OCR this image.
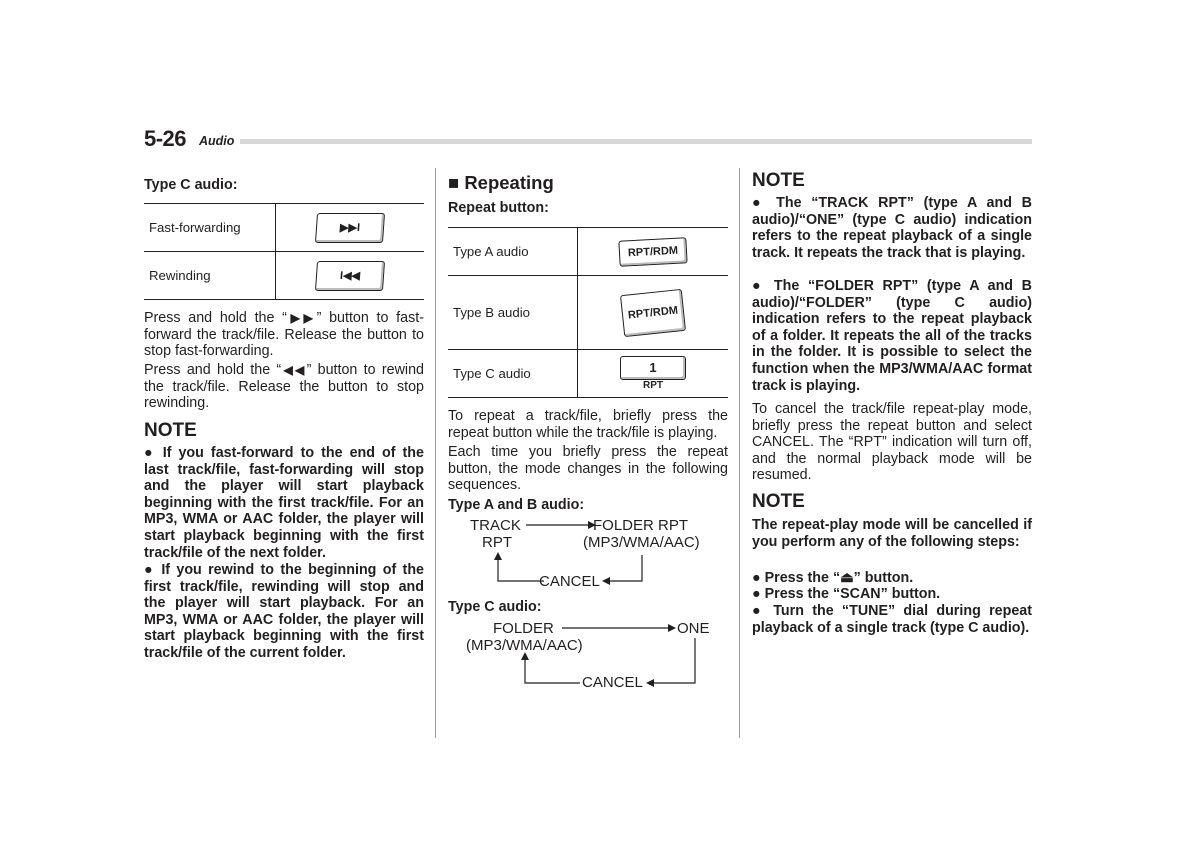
5-26 Audio
Type C audio:
Fast-forwarding	▶▶I
Rewinding	I◀◀
Press and hold the “▶▶” button to fast-forward the track/file. Release the button to stop fast-forwarding.
Press and hold the “◀◀” button to rewind the track/file. Release the button to stop rewinding.
NOTE
● If you fast-forward to the end of the last track/file, fast-forwarding will stop and the player will start playback beginning with the first track/file. For an MP3, WMA or AAC folder, the player will start playback beginning with the first track/file of the next folder.
● If you rewind to the beginning of the first track/file, rewinding will stop and the player will start playback. For an MP3, WMA or AAC folder, the player will start playback beginning with the first track/file of the current folder.
■ Repeating
Repeat button:
Type A audio	RPT/RDM
Type B audio	RPT/RDM
Type C audio	1
RPT
To repeat a track/file, briefly press the repeat button while the track/file is playing.
Each time you briefly press the repeat button, the mode changes in the following sequences.
Type A and B audio:
TRACK
RPT
FOLDER RPT
(MP3/WMA/AAC)
CANCEL
Type C audio:
FOLDER
(MP3/WMA/AAC)
ONE
CANCEL
NOTE
● The “TRACK RPT” (type A and B audio)/“ONE” (type C audio) indication refers to the repeat playback of a single track. It repeats the track that is playing.
● The “FOLDER RPT” (type A and B audio)/“FOLDER” (type C audio) indication refers to the repeat playback of a folder. It repeats the all of the tracks in the folder. It is possible to select the function when the MP3/WMA/AAC format track is playing.
To cancel the track/file repeat-play mode, briefly press the repeat button and select CANCEL. The “RPT” indication will turn off, and the normal playback mode will be resumed.
NOTE
The repeat-play mode will be cancelled if you perform any of the following steps:
● Press the “⏏” button.
● Press the “SCAN” button.
● Turn the “TUNE” dial during repeat playback of a single track (type C audio).
